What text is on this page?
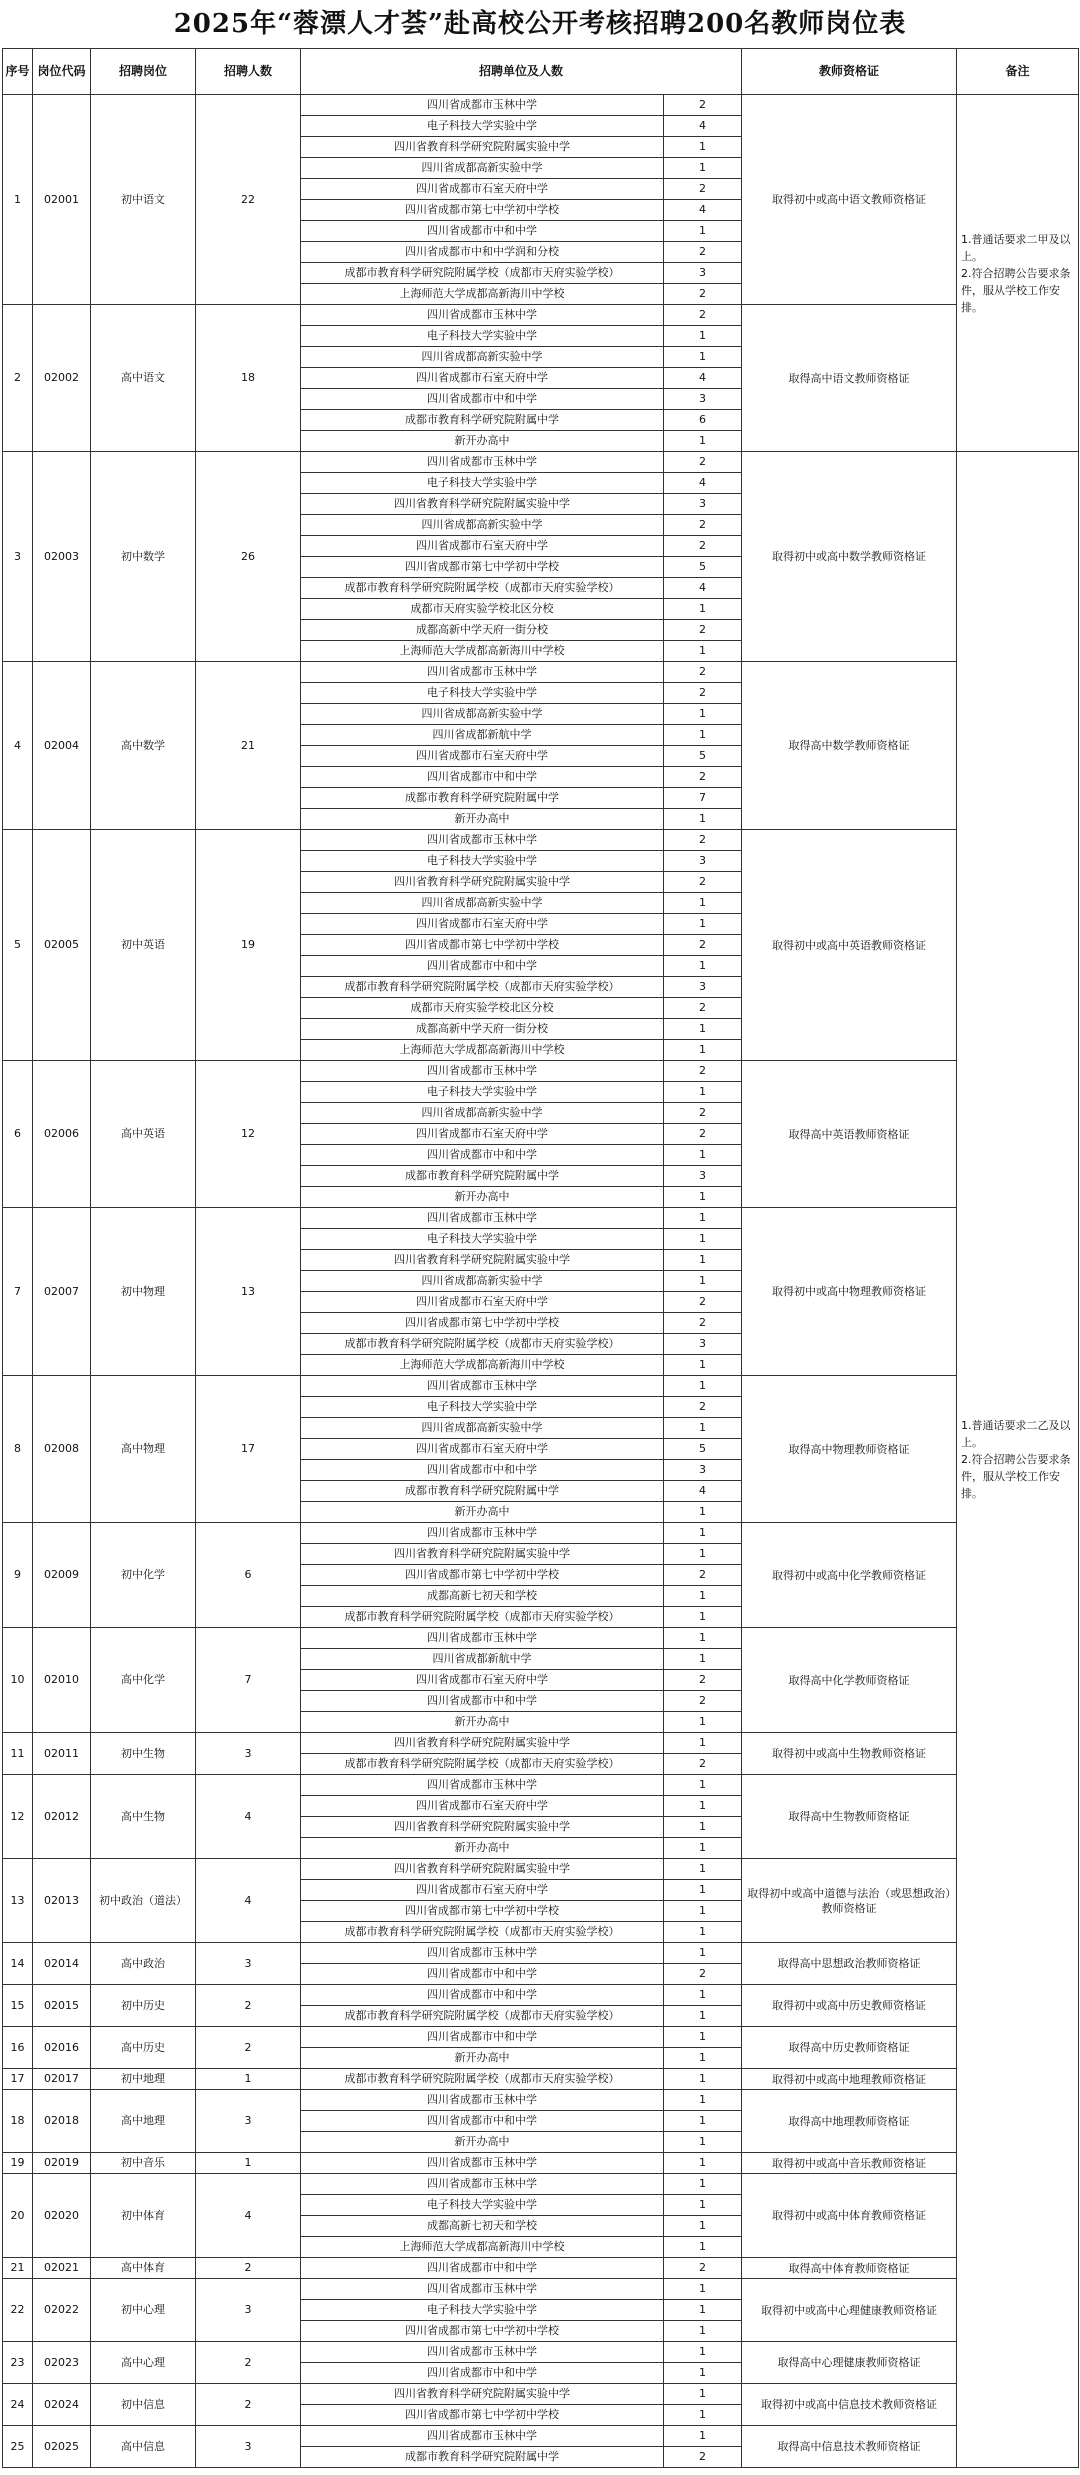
2025年“蓉漂人才荟”赴高校公开考核招聘200名教师岗位表
序号	岗位代码	招聘岗位	招聘人数	招聘单位及人数		教师资格证	备注
1	02001	初中语文	22	四川省成都市玉林中学	2	取得初中或高中语文教师资格证	1.普通话要求二甲及以上。
2.符合招聘公告要求条件，服从学校工作安排。

				电子科技大学实验中学	4		
				四川省教育科学研究院附属实验中学	1		
				四川省成都高新实验中学	1		
				四川省成都市石室天府中学	2		
				四川省成都市第七中学初中学校	4		
				四川省成都市中和中学	1		
				四川省成都市中和中学润和分校	2		
				成都市教育科学研究院附属学校（成都市天府实验学校）	3		
				上海师范大学成都高新海川中学校	2		
2	02002	高中语文	18	四川省成都市玉林中学	2	取得高中语文教师资格证	
				电子科技大学实验中学	1		
				四川省成都高新实验中学	1		
				四川省成都市石室天府中学	4		
				四川省成都市中和中学	3		
				成都市教育科学研究院附属中学	6		
				新开办高中	1		
3	02003	初中数学	26	四川省成都市玉林中学	2	取得初中或高中数学教师资格证	1.普通话要求二乙及以上。
2.符合招聘公告要求条件，服从学校工作安排。

				电子科技大学实验中学	4		
				四川省教育科学研究院附属实验中学	3		
				四川省成都高新实验中学	2		
				四川省成都市石室天府中学	2		
				四川省成都市第七中学初中学校	5		
				成都市教育科学研究院附属学校（成都市天府实验学校）	4		
				成都市天府实验学校北区分校	1		
				成都高新中学天府一街分校	2		
				上海师范大学成都高新海川中学校	1		
4	02004	高中数学	21	四川省成都市玉林中学	2	取得高中数学教师资格证	
				电子科技大学实验中学	2		
				四川省成都高新实验中学	1		
				四川省成都新航中学	1		
				四川省成都市石室天府中学	5		
				四川省成都市中和中学	2		
				成都市教育科学研究院附属中学	7		
				新开办高中	1		
5	02005	初中英语	19	四川省成都市玉林中学	2	取得初中或高中英语教师资格证	
				电子科技大学实验中学	3		
				四川省教育科学研究院附属实验中学	2		
				四川省成都高新实验中学	1		
				四川省成都市石室天府中学	1		
				四川省成都市第七中学初中学校	2		
				四川省成都市中和中学	1		
				成都市教育科学研究院附属学校（成都市天府实验学校）	3		
				成都市天府实验学校北区分校	2		
				成都高新中学天府一街分校	1		
				上海师范大学成都高新海川中学校	1		
6	02006	高中英语	12	四川省成都市玉林中学	2	取得高中英语教师资格证	
				电子科技大学实验中学	1		
				四川省成都高新实验中学	2		
				四川省成都市石室天府中学	2		
				四川省成都市中和中学	1		
				成都市教育科学研究院附属中学	3		
				新开办高中	1		
7	02007	初中物理	13	四川省成都市玉林中学	1	取得初中或高中物理教师资格证	
				电子科技大学实验中学	1		
				四川省教育科学研究院附属实验中学	1		
				四川省成都高新实验中学	1		
				四川省成都市石室天府中学	2		
				四川省成都市第七中学初中学校	2		
				成都市教育科学研究院附属学校（成都市天府实验学校）	3		
				上海师范大学成都高新海川中学校	1		
8	02008	高中物理	17	四川省成都市玉林中学	1	取得高中物理教师资格证	
				电子科技大学实验中学	2		
				四川省成都高新实验中学	1		
				四川省成都市石室天府中学	5		
				四川省成都市中和中学	3		
				成都市教育科学研究院附属中学	4		
				新开办高中	1		
9	02009	初中化学	6	四川省成都市玉林中学	1	取得初中或高中化学教师资格证	
				四川省教育科学研究院附属实验中学	1		
				四川省成都市第七中学初中学校	2		
				成都高新七初天和学校	1		
				成都市教育科学研究院附属学校（成都市天府实验学校）	1		
10	02010	高中化学	7	四川省成都市玉林中学	1	取得高中化学教师资格证	
				四川省成都新航中学	1		
				四川省成都市石室天府中学	2		
				四川省成都市中和中学	2		
				新开办高中	1		
11	02011	初中生物	3	四川省教育科学研究院附属实验中学	1	取得初中或高中生物教师资格证	
				成都市教育科学研究院附属学校（成都市天府实验学校）	2		
12	02012	高中生物	4	四川省成都市玉林中学	1	取得高中生物教师资格证	
				四川省成都市石室天府中学	1		
				四川省教育科学研究院附属实验中学	1		
				新开办高中	1		
13	02013	初中政治（道法）	4	四川省教育科学研究院附属实验中学	1	取得初中或高中道德与法治（或思想政治）教师资格证	
				四川省成都市石室天府中学	1		
				四川省成都市第七中学初中学校	1		
				成都市教育科学研究院附属学校（成都市天府实验学校）	1		
14	02014	高中政治	3	四川省成都市玉林中学	1	取得高中思想政治教师资格证	
				四川省成都市中和中学	2		
15	02015	初中历史	2	四川省成都市中和中学	1	取得初中或高中历史教师资格证	
				成都市教育科学研究院附属学校（成都市天府实验学校）	1		
16	02016	高中历史	2	四川省成都市中和中学	1	取得高中历史教师资格证	
				新开办高中	1		
17	02017	初中地理	1	成都市教育科学研究院附属学校（成都市天府实验学校）	1	取得初中或高中地理教师资格证	
18	02018	高中地理	3	四川省成都市玉林中学	1	取得高中地理教师资格证	
				四川省成都市中和中学	1		
				新开办高中	1		
19	02019	初中音乐	1	四川省成都市玉林中学	1	取得初中或高中音乐教师资格证	
20	02020	初中体育	4	四川省成都市玉林中学	1	取得初中或高中体育教师资格证	
				电子科技大学实验中学	1		
				成都高新七初天和学校	1		
				上海师范大学成都高新海川中学校	1		
21	02021	高中体育	2	四川省成都市中和中学	2	取得高中体育教师资格证	
22	02022	初中心理	3	四川省成都市玉林中学	1	取得初中或高中心理健康教师资格证	
				电子科技大学实验中学	1		
				四川省成都市第七中学初中学校	1		
23	02023	高中心理	2	四川省成都市玉林中学	1	取得高中心理健康教师资格证	
				四川省成都市中和中学	1		
24	02024	初中信息	2	四川省教育科学研究院附属实验中学	1	取得初中或高中信息技术教师资格证	
				四川省成都市第七中学初中学校	1		
25	02025	高中信息	3	四川省成都市玉林中学	1	取得高中信息技术教师资格证	
				成都市教育科学研究院附属中学	2		
